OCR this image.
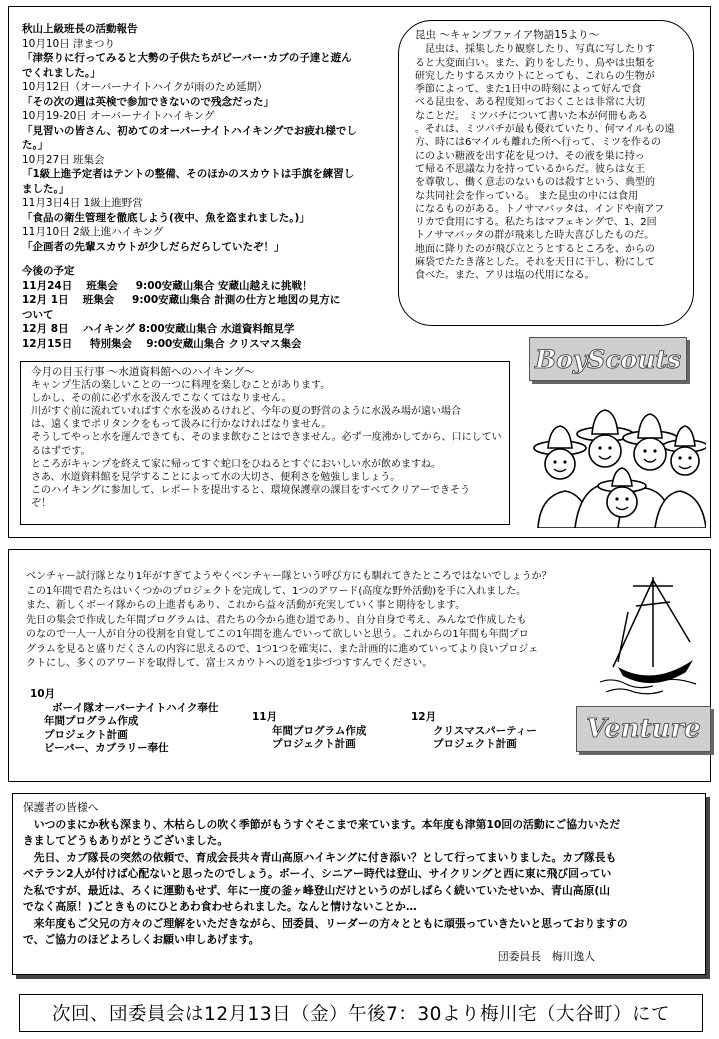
秋山上級班長の活動報告
10月10日 津まつり
「津祭りに行ってみると大勢の子供たちがビーバー･カブの子達と遊ん
でくれました。」
10月12日（オーバーナイトハイクが雨のため延期）
「その次の週は英検で参加できないので残念だった」
10月19-20日 オーバーナイトハイキング
「見習いの皆さん、初めてのオーバーナイトハイキングでお疲れ様でし
た。」
10月27日 班集会
「1級上進予定者はテントの整備、そのほかのスカウトは手旗を練習し
ました。」
11月3日4日 1級上進野営
「食品の衛生管理を徹底しよう(夜中、魚を盗まれました。)」
11月10日 2級上進ハイキング
「企画者の先輩スカウトが少しだらだらしていたぞ！」
今後の予定
11月24日　 班集会 　 9:00安蔵山集合 安蔵山越えに挑戦！
12月 1日　 班集会 　 9:00安蔵山集合 計測の仕方と地図の見方に
ついて
12月 8日 　ハイキング 8:00安蔵山集合 水道資料館見学
12月15日 　 特別集会　 9:00安蔵山集合 クリスマス集会
昆虫 ～キャンプファイア物語15より～
　昆虫は、採集したり観察したり、写真に写したりす
ると大変面白い。また、釣りをしたり、鳥やは虫類を
研究したりするスカウトにとっても、これらの生物が
季節によって、また1日中の時刻によって好んで食
べる昆虫を、ある程度知っておくことは非常に大切
なことだ。 ミツバチについて書いた本が何冊もある
。それは、ミツバチが最も優れていたり、何マイルもの遠
方、時には6マイルも離れた所へ行って、ミツを作るの
にのよい糖液を出す花を見つけ、その液を巣に持っ
て帰る不思議な力を持っているからだ。彼らは女王
を尊敬し、働く意志のないものは殺すという、典型的
な共同社会を作っている。 また昆虫の中には食用
になるものがある。トノサマバッタは、インドや南アフ
リカで食用にする。私たちはマフェキングで、1、2回
トノサマバッタの群が飛来した時大喜びしたものだ。
地面に降りたのが飛び立とうとするところを、からの
麻袋でたたき落とした。それを天日に干し、粉にして
食べた。また、アリは塩の代用になる。
BoyScouts
今月の目玉行事 ～水道資料館へのハイキング～
キャンプ生活の楽しいことの一つに料理を楽しむことがあります。
しかし、その前に必ず水を汲んでこなくてはなりません。
川がすぐ前に流れていればすぐ水を汲めるけれど、今年の夏の野営のように水汲み場が遠い場合
は、遠くまでポリタンクをもって汲みに行かなければなりません。
そうしてやっと水を運んできても、そのまま飲むことはできません。必ず一度沸かしてから、口にしてい
るはずです。
ところがキャンプを終えて家に帰ってすぐ蛇口をひねるとすぐにおいしい水が飲めますね。
さあ、水道資料館を見学することによって水の大切さ、便利さを勉強しましょう。
このハイキングに参加して、レポートを提出すると、環境保護章の課目をすべてクリアーできそう
ぞ！
ベンチャー試行隊となり1年がすぎてようやくベンチャー隊という呼び方にも馴れてきたところではないでしょうか？
この1年間で君たちはいくつかのプロジェクトを完成して、1つのアワード(高度な野外活動)を手に入れました。
また、新しくボーイ隊からの上進者もあり、これから益々活動が充実していく事と期待をします。
先日の集会で作成した年間プログラムは、君たちの今から進む道であり、自分自身で考え、みんなで作成したも
のなので一人一人が自分の役割を自覚してこの1年間を進んでいって欲しいと思う。これからの1年間も年間プロ
グラムを見ると盛りだくさんの内容に思えるので、1つ1つを確実に、また計画的に進めていってより良いプロジェ
クトにし、多くのアワードを取得して、富士スカウトへの道を1歩づつすすんでください。
10月
ボーイ隊オーバーナイトハイク奉仕
年間プログラム作成
プロジェクト計画
ビーバー、カブラリー奉仕
11月
年間プログラム作成
プロジェクト計画
12月
クリスマスパーティー
プロジェクト計画	Venture
保護者の皆様へ
　いつのまにか秋も深まり、木枯らしの吹く季節がもうすぐそこまで来ています。本年度も津第10回の活動にご協力いただ
きましてどうもありがとうございました。
　先日、カブ隊長の突然の依頼で、育成会長共々青山高原ハイキングに付き添い？として行ってまいりました。カブ隊長も
ベテラン2人が付けば心配ないと思ったのでしょう。ボーイ、シニアー時代は登山、サイクリングと西に東に飛び回ってい
た私ですが、最近は、ろくに運動もせず、年に一度の釜ヶ峰登山だけというのがしばらく続いていたせいか、青山高原(山
でなく高原！)ごときものにひとあわ食わせられました。なんと情けないことか…
　来年度もご父兄の方々のご理解をいただきながら、団委員、リーダーの方々とともに頑張っていきたいと思っておりますの
で、ご協力のほどよろしくお願い申しあげます。
団委員長　梅川逸人
次回、団委員会は12月13日（金）午後7：30より梅川宅（大谷町）にて
